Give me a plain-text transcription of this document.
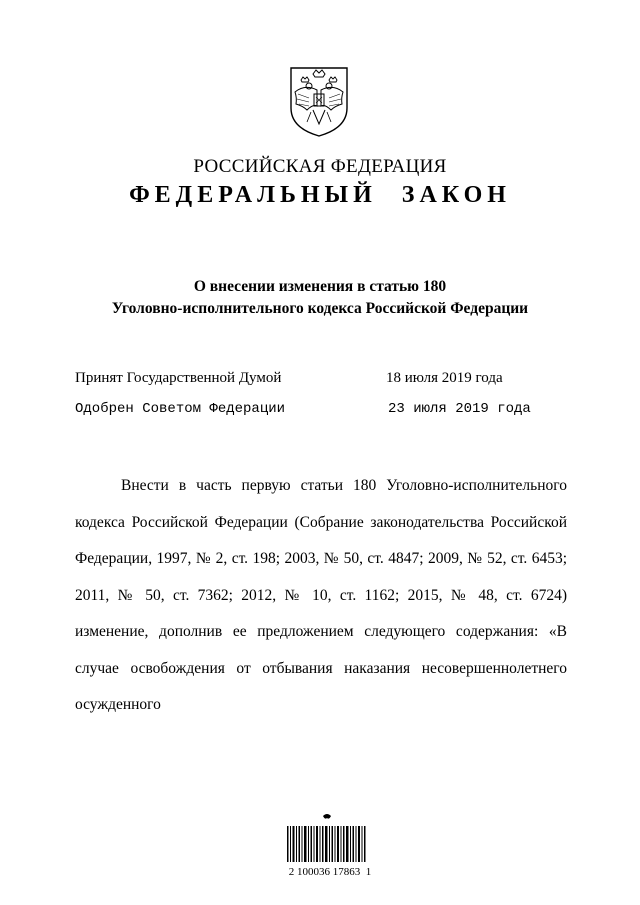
РОССИЙСКАЯ ФЕДЕРАЦИЯ
ФЕДЕРАЛЬНЫЙ ЗАКОН
О внесении изменения в статью 180
Уголовно-исполнительного кодекса Российской Федерации
Принят Государственной Думой	18 июля 2019 года
Одобрен Советом Федерации	23 июля 2019 года

Внести в часть первую статьи 180 Уголовно-исполнительного кодекса Российской Федерации (Собрание законодательства Российской Федерации, 1997, № 2, ст. 198; 2003, № 50, ст. 4847; 2009, № 52, ст. 6453; 2011, № 50, ст. 7362; 2012, № 10, ст. 1162; 2015, № 48, ст. 6724) изменение, дополнив ее предложением следующего содержания: «В случае освобождения от отбывания наказания несовершеннолетнего осужденного

2 100036 17863  1
